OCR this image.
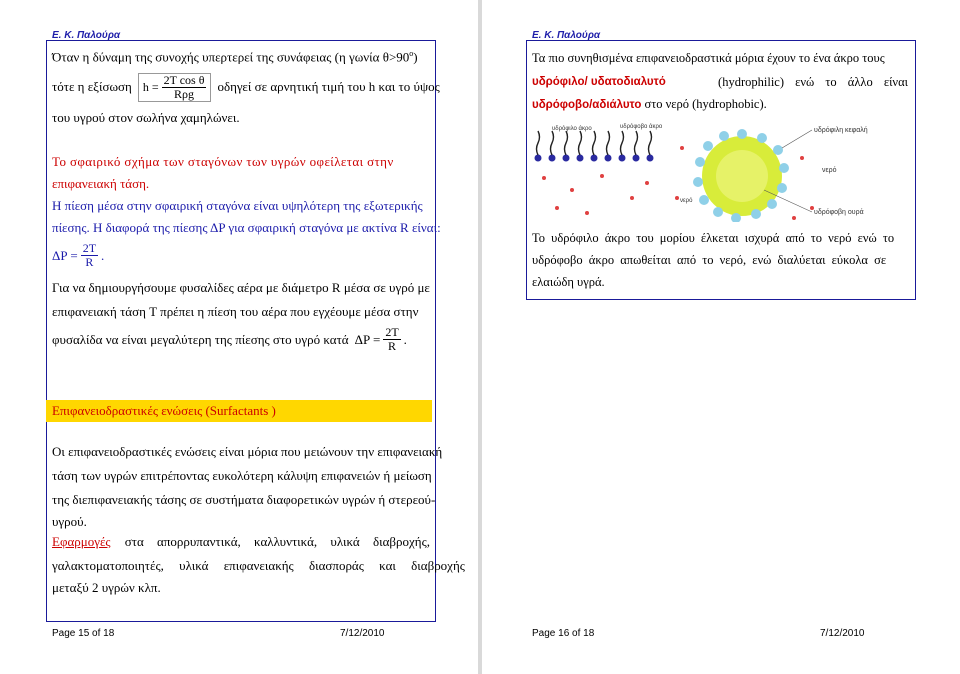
Ε. Κ. Παλούρα
Όταν η δύναμη της συνοχής υπερτερεί της συνάφειας (η γωνία $\theta>90^o$)
τότε η εξίσωση $h = \frac{\text{2T cos θ}}{\text{Rρg}}$ οδηγεί σε αρνητική τιμή του h και το ύψος
του υγρού στον σωλήνα χαμηλώνει.
Το σφαιρικό σχήμα των σταγόνων των υγρών οφείλεται στην
επιφανειακή τάση.
Η πίεση μέσα στην σφαιρική σταγόνα είναι υψηλότερη της εξωτερικής
πίεσης. Η διαφορά της πίεσης ΔP για σφαιρική σταγόνα με ακτίνα R είναι:
$\Delta P = \frac{2T}{R}$ .
Για να δημιουργήσουμε φυσαλίδες αέρα με διάμετρο R μέσα σε υγρό με
επιφανειακή τάση T πρέπει η πίεση του αέρα που εγχέουμε μέσα στην
φυσαλίδα να είναι μεγαλύτερη της πίεσης στο υγρό κατά $\Delta P = \frac{2T}{R}$ .
Επιφανειοδραστικές ενώσεις (Surfactants )
Οι επιφανειοδραστικές ενώσεις είναι μόρια που μειώνουν την επιφανειακή
τάση των υγρών επιτρέποντας ευκολότερη κάλυψη επιφανειών ή μείωση
της διεπιφανειακής τάσης σε συστήματα διαφορετικών υγρών ή στερεού-
υγρού.
Εφαρμογές στα απορρυπαντικά, καλλυντικά, υλικά διαβροχής,
γαλακτοματοποιητές, υλικά επιφανειακής διασποράς και διαβροχής
μεταξύ 2 υγρών κλπ.
Page 15 of 18	7/12/2010
Ε. Κ. Παλούρα
Τα πιο συνηθισμένα επιφανειοδραστικά μόρια έχουν το ένα άκρο τους
υδρόφιλο/ υδατοδιαλυτό	(hydrophilic) ενώ το άλλο είναι
υδρόφοβο/αδιάλυτο στο νερό (hydrophobic).
υδρόφιλο άκρο	υδρόφοβο άκρο	υδρόφιλη κεφαλή
νερό
νερό
υδρόφοβη ουρά
Το υδρόφιλο άκρο του μορίου έλκεται ισχυρά από το νερό ενώ το
υδρόφοβο άκρο απωθείται από το νερό, ενώ διαλύεται εύκολα σε
ελαιώδη υγρά.
Page 16 of 18	7/12/2010
